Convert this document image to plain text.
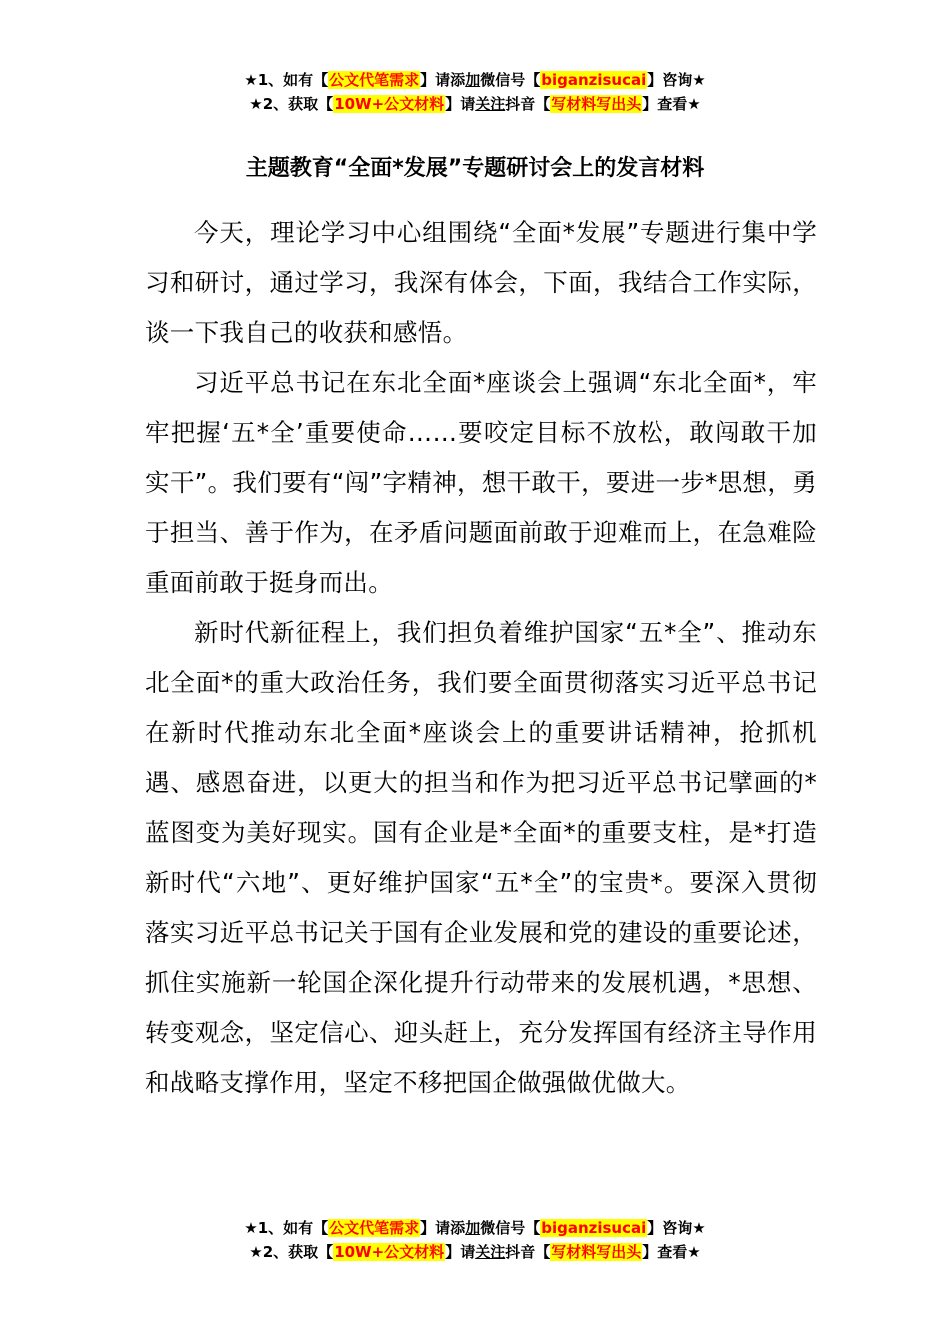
★1、如有【公文代笔需求】请添加微信号【biganzisucai】咨询★
★2、获取【10W+公文材料】请关注抖音【写材料写出头】查看★
主题教育“全面*发展”专题研讨会上的发言材料

今天，理论学习中心组围绕“全面*发展”专题进行集中学习和研讨，通过学习，我深有体会，下面，我结合工作实际，谈一下我自己的收获和感悟。

习近平总书记在东北全面*座谈会上强调“东北全面*，牢牢把握‘五*全’重要使命……要咬定目标不放松，敢闯敢干加实干”。我们要有“闯”字精神，想干敢干，要进一步*思想，勇于担当、善于作为，在矛盾问题面前敢于迎难而上，在急难险重面前敢于挺身而出。

新时代新征程上，我们担负着维护国家“五*全”、推动东北全面*的重大政治任务，我们要全面贯彻落实习近平总书记在新时代推动东北全面*座谈会上的重要讲话精神，抢抓机遇、感恩奋进，以更大的担当和作为把习近平总书记擘画的*蓝图变为美好现实。国有企业是*全面*的重要支柱，是*打造新时代“六地”、更好维护国家“五*全”的宝贵*。要深入贯彻落实习近平总书记关于国有企业发展和党的建设的重要论述，抓住实施新一轮国企深化提升行动带来的发展机遇，*思想、转变观念，坚定信心、迎头赶上，充分发挥国有经济主导作用和战略支撑作用，坚定不移把国企做强做优做大。

★1、如有【公文代笔需求】请添加微信号【biganzisucai】咨询★
★2、获取【10W+公文材料】请关注抖音【写材料写出头】查看★
